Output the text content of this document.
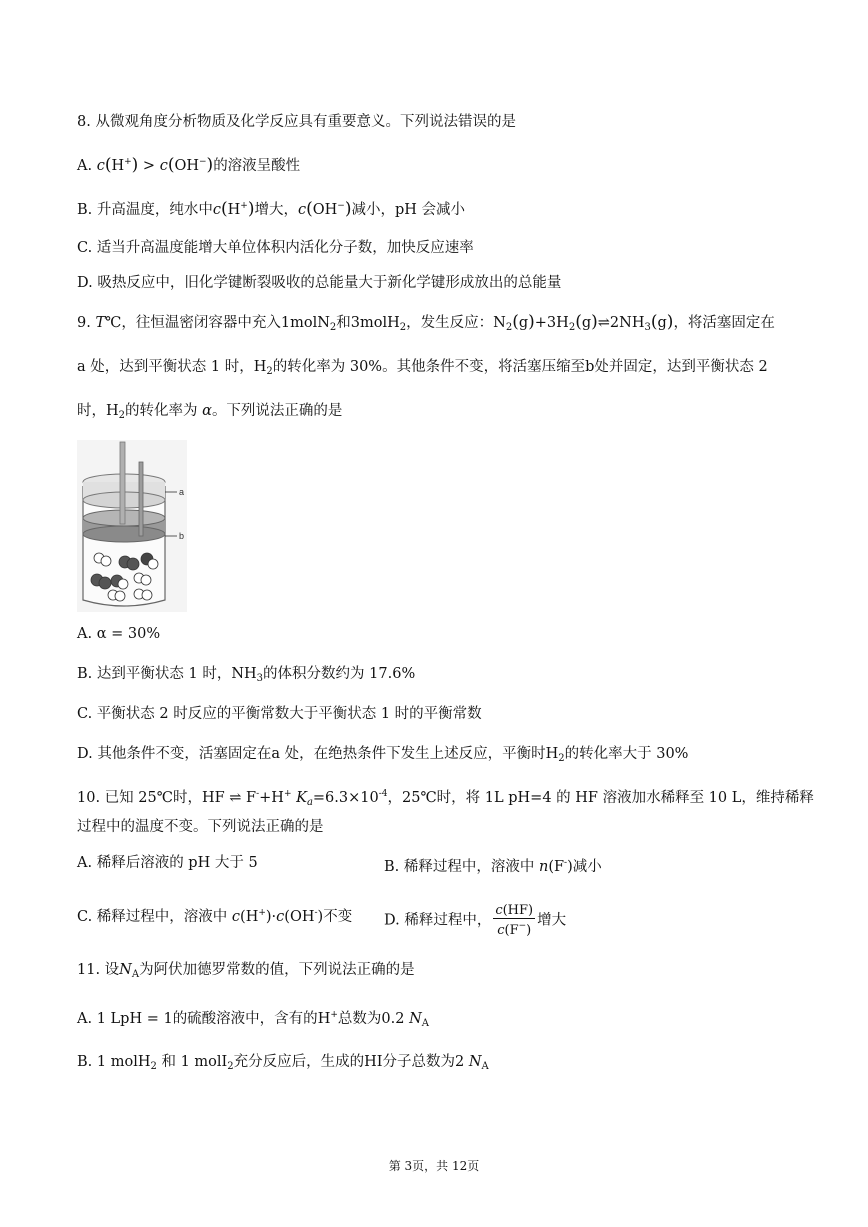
8. 从微观角度分析物质及化学反应具有重要意义。下列说法错误的是
A. c(H+) > c(OH−)的溶液呈酸性
B. 升高温度，纯水中c(H+)增大，c(OH−)减小，pH 会减小
C. 适当升高温度能增大单位体积内活化分子数，加快反应速率
D. 吸热反应中，旧化学键断裂吸收的总能量大于新化学键形成放出的总能量
9. T℃，往恒温密闭容器中充入1molN$_2$和3molH$_2$，发生反应：$N_2(g)+3H_2(g)\rightleftharpoons 2NH_3(g)$，将活塞固定在
a 处，达到平衡状态 1 时，$H_2$的转化率为 30%。其他条件不变，将活塞压缩至b处并固定，达到平衡状态 2
时，$H_2$的转化率为 α。下列说法正确的是
a
b
A. α = 30%
B. 达到平衡状态 1 时，$NH_3$的体积分数约为 17.6%
C. 平衡状态 2 时反应的平衡常数大于平衡状态 1 时的平衡常数
D. 其他条件不变，活塞固定在a 处，在绝热条件下发生上述反应，平衡时$H_2$的转化率大于 30%
10. 已知 25℃时，HF ⇌ F-+H+ $K_a=6.3\times 10^{-4}$，25℃时，将 1L pH=4 的 HF 溶液加水稀释至 10 L，维持稀释
过程中的温度不变。下列说法正确的是
A. 稀释后溶液的 pH 大于 5	B. 稀释过程中，溶液中 n(F-)减小
C. 稀释过程中，溶液中 c(H+)·c(OH-)不变 D. 稀释过程中， $\frac{c(HF)}{c(F^-)}$ 增大
11. 设$N_A$为阿伏加德罗常数的值，下列说法正确的是
A. 1 LpH = 1的硫酸溶液中，含有的H+总数为0.2 $N_A$
B. 1 molH$_2$ 和 1 molI$_2$充分反应后，生成的HI分子总数为2 $N_A$
第 3页，共 12页
